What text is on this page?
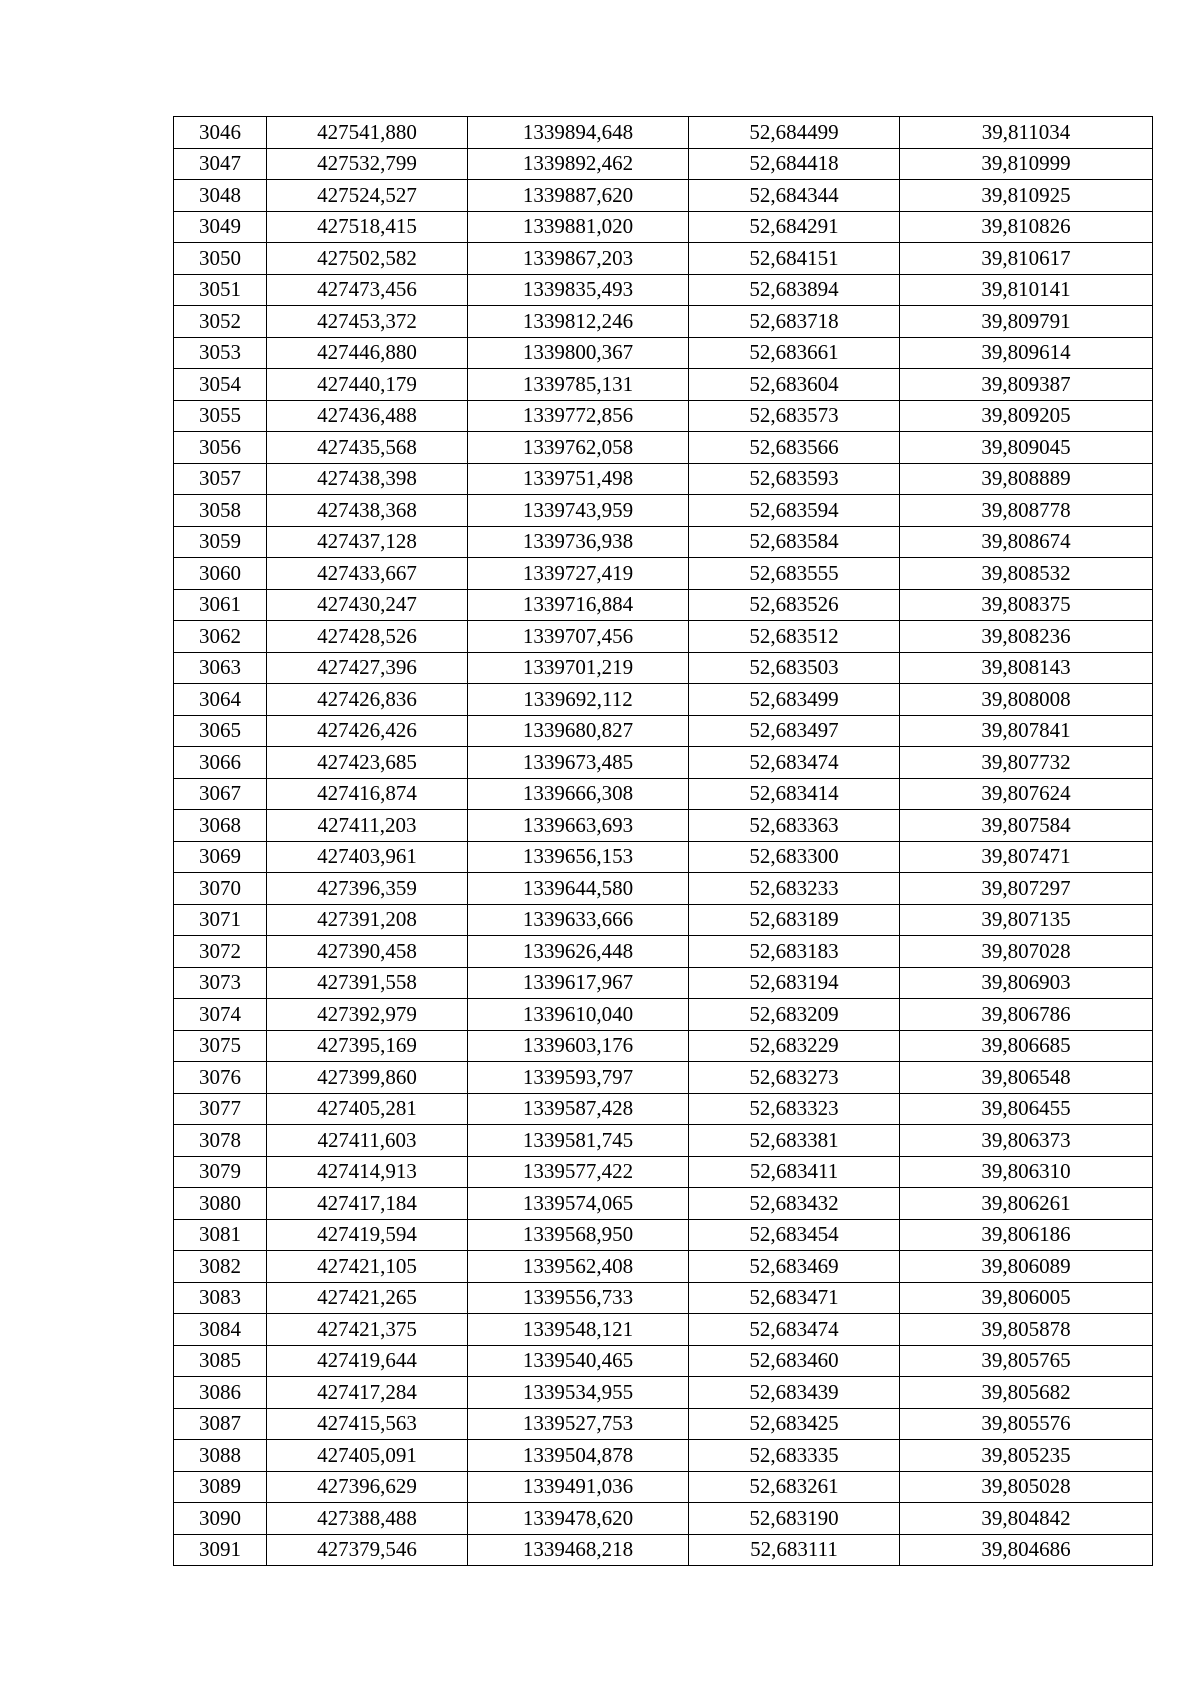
3046	427541,880	1339894,648	52,684499	39,811034
3047	427532,799	1339892,462	52,684418	39,810999
3048	427524,527	1339887,620	52,684344	39,810925
3049	427518,415	1339881,020	52,684291	39,810826
3050	427502,582	1339867,203	52,684151	39,810617
3051	427473,456	1339835,493	52,683894	39,810141
3052	427453,372	1339812,246	52,683718	39,809791
3053	427446,880	1339800,367	52,683661	39,809614
3054	427440,179	1339785,131	52,683604	39,809387
3055	427436,488	1339772,856	52,683573	39,809205
3056	427435,568	1339762,058	52,683566	39,809045
3057	427438,398	1339751,498	52,683593	39,808889
3058	427438,368	1339743,959	52,683594	39,808778
3059	427437,128	1339736,938	52,683584	39,808674
3060	427433,667	1339727,419	52,683555	39,808532
3061	427430,247	1339716,884	52,683526	39,808375
3062	427428,526	1339707,456	52,683512	39,808236
3063	427427,396	1339701,219	52,683503	39,808143
3064	427426,836	1339692,112	52,683499	39,808008
3065	427426,426	1339680,827	52,683497	39,807841
3066	427423,685	1339673,485	52,683474	39,807732
3067	427416,874	1339666,308	52,683414	39,807624
3068	427411,203	1339663,693	52,683363	39,807584
3069	427403,961	1339656,153	52,683300	39,807471
3070	427396,359	1339644,580	52,683233	39,807297
3071	427391,208	1339633,666	52,683189	39,807135
3072	427390,458	1339626,448	52,683183	39,807028
3073	427391,558	1339617,967	52,683194	39,806903
3074	427392,979	1339610,040	52,683209	39,806786
3075	427395,169	1339603,176	52,683229	39,806685
3076	427399,860	1339593,797	52,683273	39,806548
3077	427405,281	1339587,428	52,683323	39,806455
3078	427411,603	1339581,745	52,683381	39,806373
3079	427414,913	1339577,422	52,683411	39,806310
3080	427417,184	1339574,065	52,683432	39,806261
3081	427419,594	1339568,950	52,683454	39,806186
3082	427421,105	1339562,408	52,683469	39,806089
3083	427421,265	1339556,733	52,683471	39,806005
3084	427421,375	1339548,121	52,683474	39,805878
3085	427419,644	1339540,465	52,683460	39,805765
3086	427417,284	1339534,955	52,683439	39,805682
3087	427415,563	1339527,753	52,683425	39,805576
3088	427405,091	1339504,878	52,683335	39,805235
3089	427396,629	1339491,036	52,683261	39,805028
3090	427388,488	1339478,620	52,683190	39,804842
3091	427379,546	1339468,218	52,683111	39,804686
